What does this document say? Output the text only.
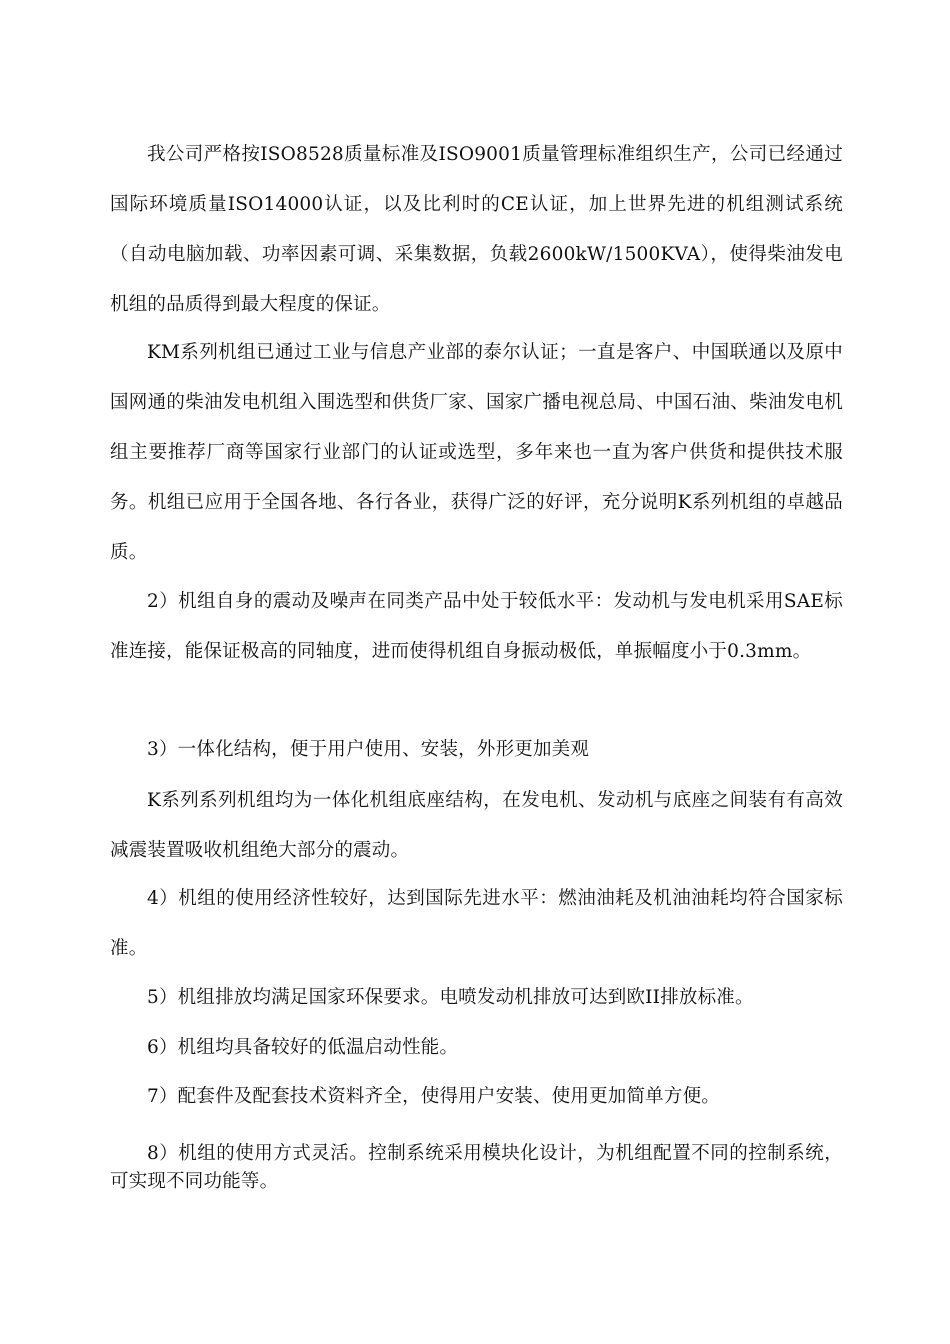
我公司严格按ISO8528质量标准及ISO9001质量管理标准组织生产，公司已经通过国际环境质量ISO14000认证，以及比利时的CE认证，加上世界先进的机组测试系统（自动电脑加载、功率因素可调、采集数据，负载2600kW/1500KVA），使得柴油发电机组的品质得到最大程度的保证。

KM系列机组已通过工业与信息产业部的泰尔认证；一直是客户、中国联通以及原中国网通的柴油发电机组入围选型和供货厂家、国家广播电视总局、中国石油、柴油发电机组主要推荐厂商等国家行业部门的认证或选型，多年来也一直为客户供货和提供技术服务。机组已应用于全国各地、各行各业，获得广泛的好评，充分说明K系列机组的卓越品质。

2）机组自身的震动及噪声在同类产品中处于较低水平：发动机与发电机采用SAE标准连接，能保证极高的同轴度，进而使得机组自身振动极低，单振幅度小于0.3mm。

3）一体化结构，便于用户使用、安装，外形更加美观

K系列系列机组均为一体化机组底座结构，在发电机、发动机与底座之间装有有高效减震装置吸收机组绝大部分的震动。

4）机组的使用经济性较好，达到国际先进水平：燃油油耗及机油油耗均符合国家标准。

5）机组排放均满足国家环保要求。电喷发动机排放可达到欧II排放标准。

6）机组均具备较好的低温启动性能。

7）配套件及配套技术资料齐全，使得用户安装、使用更加简单方便。

8）机组的使用方式灵活。控制系统采用模块化设计，为机组配置不同的控制系统，可实现不同功能等。
